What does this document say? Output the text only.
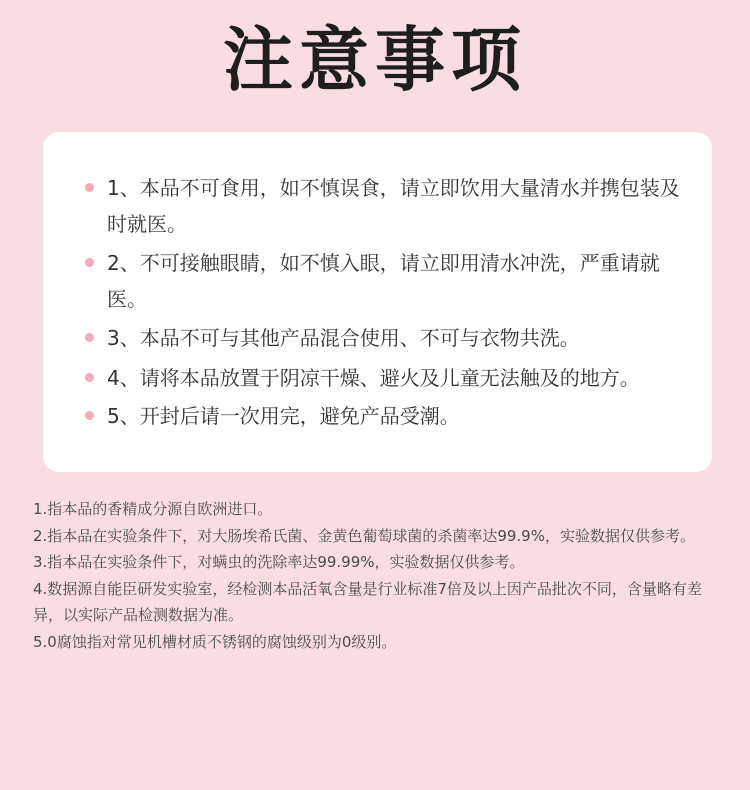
注意事项
1、本品不可食用，如不慎误食，请立即饮用大量清水并携包装及时就医。
2、不可接触眼睛，如不慎入眼，请立即用清水冲洗，严重请就医。
3、本品不可与其他产品混合使用、不可与衣物共洗。
4、请将本品放置于阴凉干燥、避火及儿童无法触及的地方。
5、开封后请一次用完，避免产品受潮。
1.指本品的香精成分源自欧洲进口。
2.指本品在实验条件下，对大肠埃希氏菌、金黄色葡萄球菌的杀菌率达99.9%，实验数据仅供参考。
3.指本品在实验条件下，对螨虫的洗除率达99.99%，实验数据仅供参考。
4.数据源自能臣研发实验室，经检测本品活氧含量是行业标准7倍及以上因产品批次不同，含量略有差异，以实际产品检测数据为准。
5.0腐蚀指对常见机槽材质不锈钢的腐蚀级别为0级别。
